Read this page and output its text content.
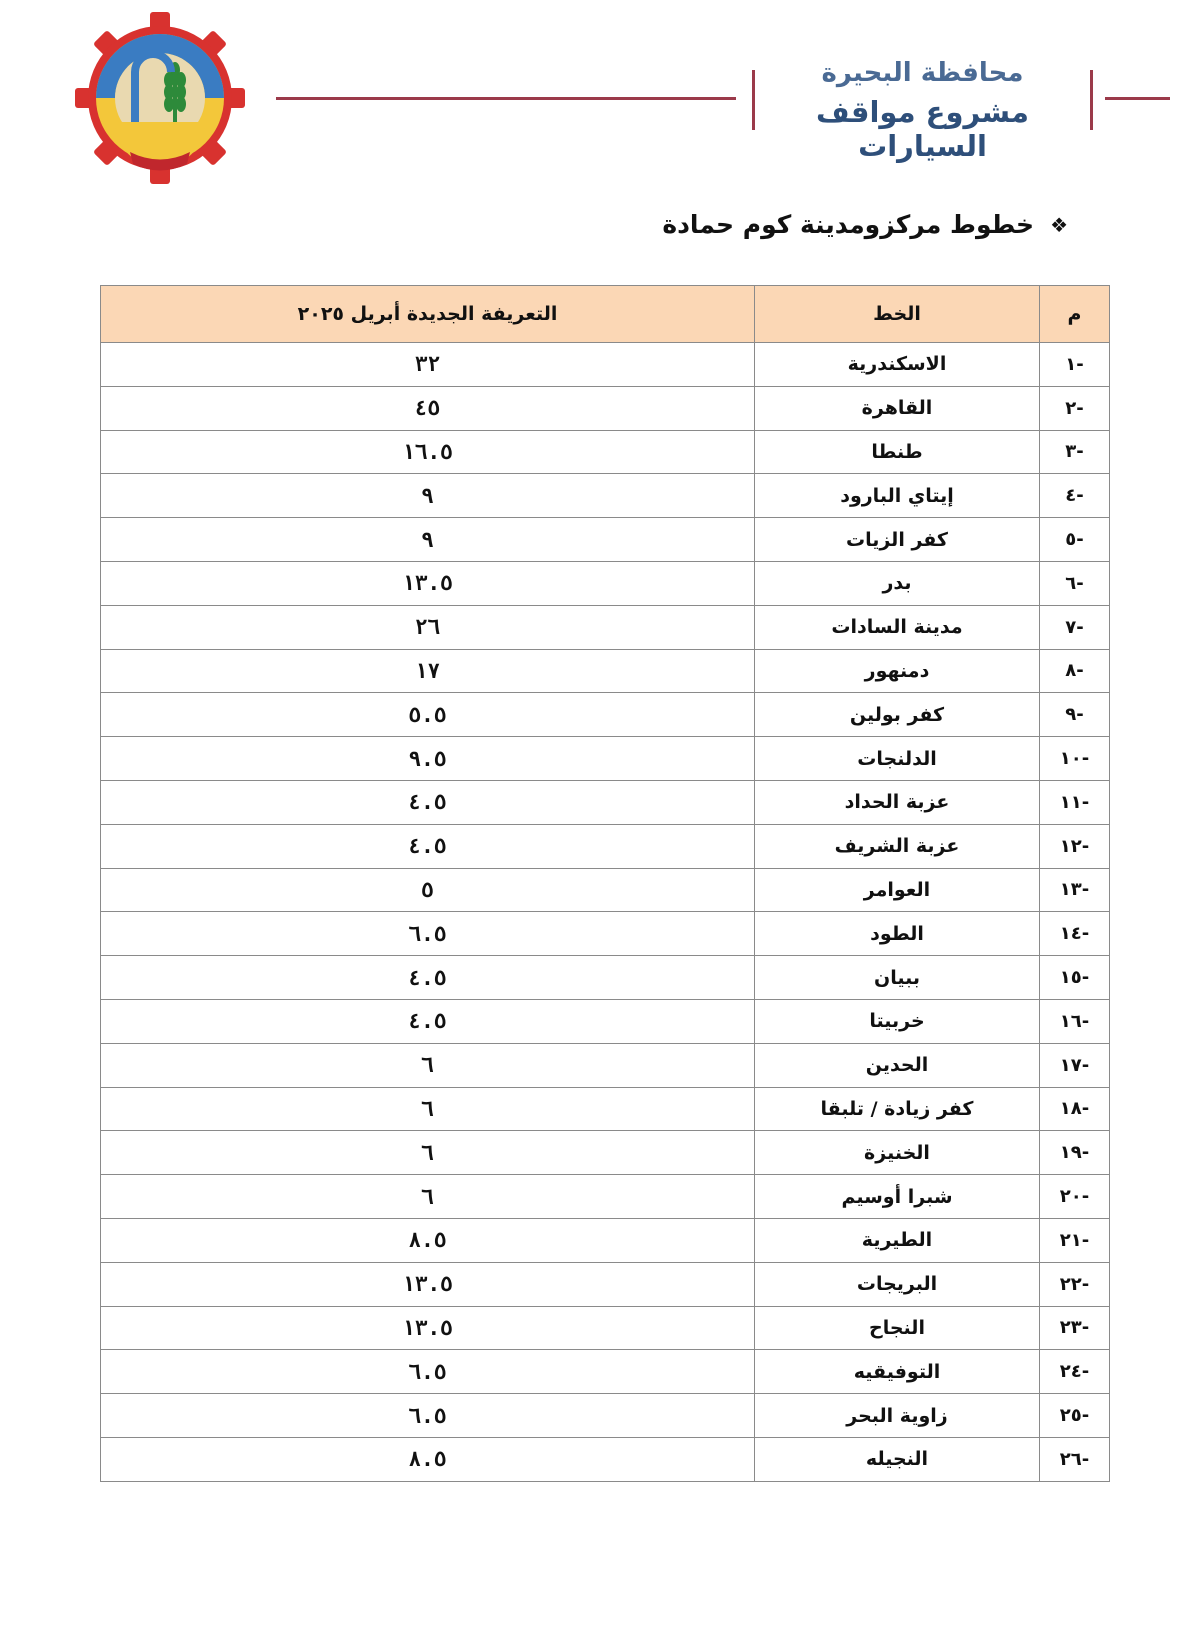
محافظة البحيرة
مشروع مواقف السيارات
❖
خطوط مركزومدينة كوم حمادة
م	الخط	التعريفة الجديدة أبريل ٢٠٢٥
-١	الاسكندرية	٣٢
-٢	القاهرة	٤٥
-٣	طنطا	١٦.٥
-٤	إيتاي البارود	٩
-٥	كفر الزيات	٩
-٦	بدر	١٣.٥
-٧	مدينة السادات	٢٦
-٨	دمنهور	١٧
-٩	كفر بولين	٥.٥
-١٠	الدلنجات	٩.٥
-١١	عزبة الحداد	٤.٥
-١٢	عزبة الشريف	٤.٥
-١٣	العوامر	٥
-١٤	الطود	٦.٥
-١٥	ببيان	٤.٥
-١٦	خربيتا	٤.٥
-١٧	الحدين	٦
-١٨	كفر زيادة / تلبقا	٦
-١٩	الخنيزة	٦
-٢٠	شبرا أوسيم	٦
-٢١	الطيرية	٨.٥
-٢٢	البريجات	١٣.٥
-٢٣	النجاح	١٣.٥
-٢٤	التوفيقيه	٦.٥
-٢٥	زاوية البحر	٦.٥
-٢٦	النجيله	٨.٥
